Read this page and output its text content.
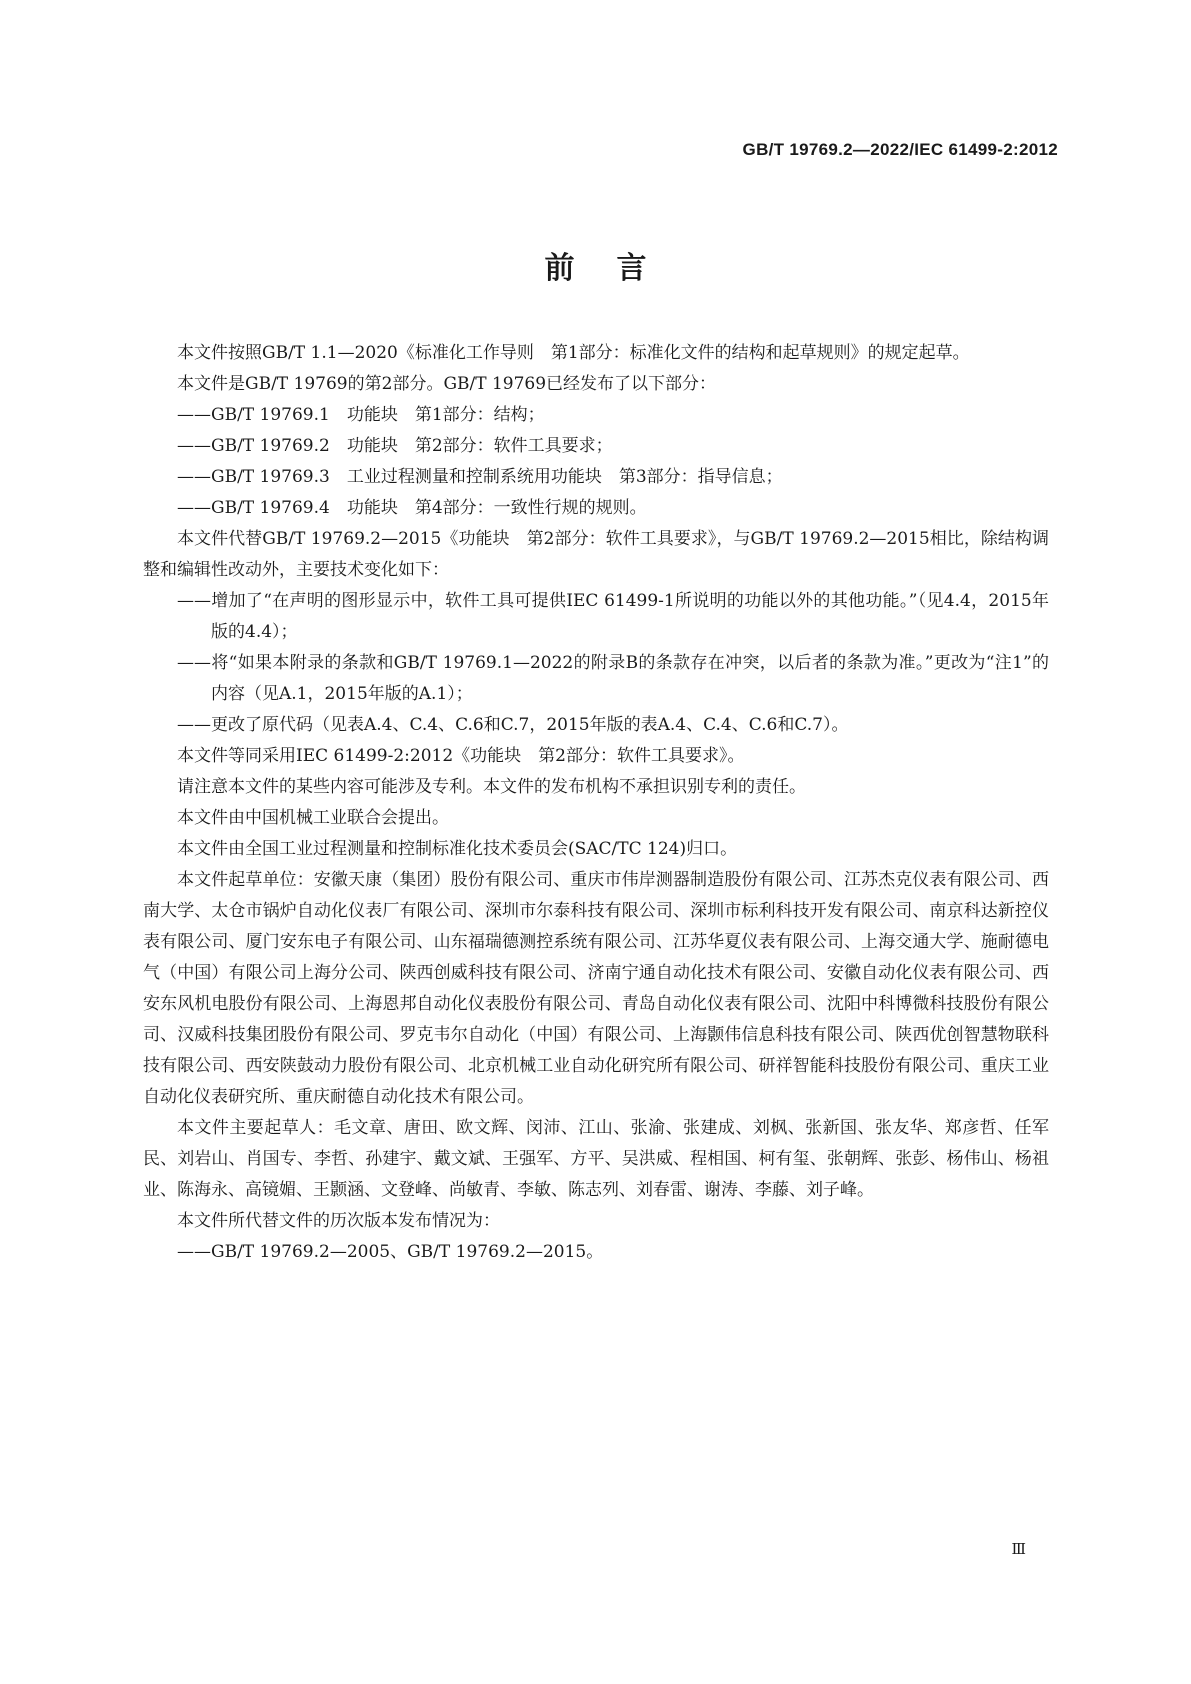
GB/T 19769.2—2022/IEC 61499-2:2012
前言

本文件按照GB/T 1.1—2020《标准化工作导则　第1部分：标准化文件的结构和起草规则》的规定起草。

本文件是GB/T 19769的第2部分。GB/T 19769已经发布了以下部分：

——GB/T 19769.1　功能块　第1部分：结构；

——GB/T 19769.2　功能块　第2部分：软件工具要求；

——GB/T 19769.3　工业过程测量和控制系统用功能块　第3部分：指导信息；

——GB/T 19769.4　功能块　第4部分：一致性行规的规则。

本文件代替GB/T 19769.2—2015《功能块　第2部分：软件工具要求》，与GB/T 19769.2—2015相比，除结构调整和编辑性改动外，主要技术变化如下：

——增加了“在声明的图形显示中，软件工具可提供IEC 61499-1所说明的功能以外的其他功能。”（见4.4，2015年版的4.4）；

——将“如果本附录的条款和GB/T 19769.1—2022的附录B的条款存在冲突，以后者的条款为准。”更改为“注1”的内容（见A.1，2015年版的A.1）；

——更改了原代码（见表A.4、C.4、C.6和C.7，2015年版的表A.4、C.4、C.6和C.7）。

本文件等同采用IEC 61499-2:2012《功能块　第2部分：软件工具要求》。

请注意本文件的某些内容可能涉及专利。本文件的发布机构不承担识别专利的责任。

本文件由中国机械工业联合会提出。

本文件由全国工业过程测量和控制标准化技术委员会(SAC/TC 124)归口。

本文件起草单位：安徽天康（集团）股份有限公司、重庆市伟岸测器制造股份有限公司、江苏杰克仪表有限公司、西南大学、太仓市锅炉自动化仪表厂有限公司、深圳市尔泰科技有限公司、深圳市标利科技开发有限公司、南京科达新控仪表有限公司、厦门安东电子有限公司、山东福瑞德测控系统有限公司、江苏华夏仪表有限公司、上海交通大学、施耐德电气（中国）有限公司上海分公司、陕西创威科技有限公司、济南宁通自动化技术有限公司、安徽自动化仪表有限公司、西安东风机电股份有限公司、上海恩邦自动化仪表股份有限公司、青岛自动化仪表有限公司、沈阳中科博微科技股份有限公司、汉威科技集团股份有限公司、罗克韦尔自动化（中国）有限公司、上海颢伟信息科技有限公司、陕西优创智慧物联科技有限公司、西安陕鼓动力股份有限公司、北京机械工业自动化研究所有限公司、研祥智能科技股份有限公司、重庆工业自动化仪表研究所、重庆耐德自动化技术有限公司。

本文件主要起草人：毛文章、唐田、欧文辉、闵沛、江山、张渝、张建成、刘枫、张新国、张友华、郑彦哲、任军民、刘岩山、肖国专、李哲、孙建宇、戴文斌、王强军、方平、吴洪威、程相国、柯有玺、张朝辉、张彭、杨伟山、杨祖业、陈海永、高镜媚、王颢涵、文登峰、尚敏青、李敏、陈志列、刘春雷、谢涛、李藤、刘子峰。

本文件所代替文件的历次版本发布情况为：

——GB/T 19769.2—2005、GB/T 19769.2—2015。

Ⅲ
